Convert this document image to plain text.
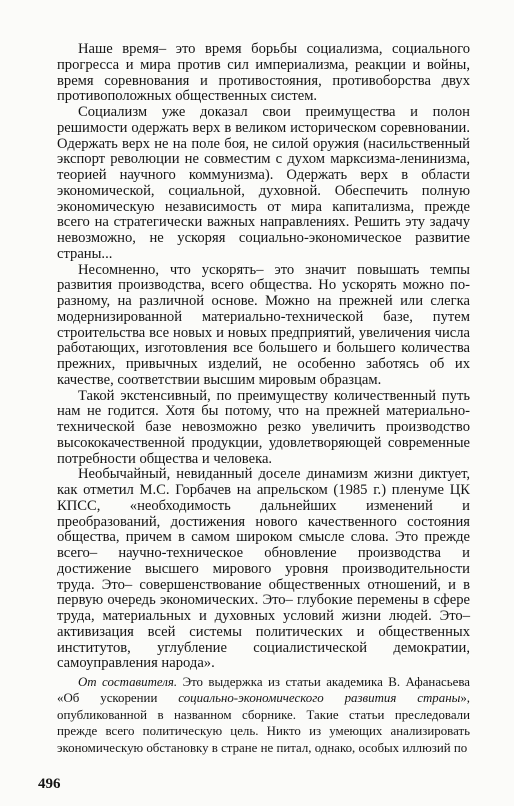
Наше время– это время борьбы социализма, социального прогресса и мира против сил империализма, реакции и войны, время соревнования и противостояния, противоборства двух противоположных общественных систем.

Социализм уже доказал свои преимущества и полон решимости одержать верх в великом историческом соревновании. Одержать верх не на поле боя, не силой оружия (насильственный экспорт революции не совместим с духом марксизма-ленинизма, теорией научного коммунизма). Одержать верх в области экономической, социальной, духовной. Обеспечить полную экономическую независимость от мира капитализма, прежде всего на стратегически важных направлениях. Решить эту задачу невозможно, не ускоряя социально-экономическое развитие страны...

Несомненно, что ускорять– это значит повышать темпы развития производства, всего общества. Но ускорять можно по-разному, на различной основе. Можно на прежней или слегка модернизированной материально-технической базе, путем строительства все новых и новых предприятий, увеличения числа работающих, изготовления все большего и большего количества прежних, привычных изделий, не особенно заботясь об их качестве, соответствии высшим мировым образцам.

Такой экстенсивный, по преимуществу количественный путь нам не годится. Хотя бы потому, что на прежней материально-технической базе невозможно резко увеличить производство высококачественной продукции, удовлетворяющей современные потребности общества и человека.

Необычайный, невиданный доселе динамизм жизни диктует, как отметил М.С. Горбачев на апрельском (1985 г.) пленуме ЦК КПСС, «необходимость дальнейших изменений и преобразований, достижения нового качественного состояния общества, причем в самом широком смысле слова. Это прежде всего– научно-техническое обновление производства и достижение высшего мирового уровня производительности труда. Это– совершенствование общественных отношений, и в первую очередь экономических. Это– глубокие перемены в сфере труда, материальных и духовных условий жизни людей. Это– активизация всей системы политических и общественных институтов, углубление социалистической демократии, самоуправления народа».

От составителя. Это выдержка из статьи академика В. Афанасьева «Об ускорении социально-экономического развития страны», опубликованной в названном сборнике. Такие статьи преследовали прежде всего политическую цель. Никто из умеющих анализировать экономическую обстановку в стране не питал, однако, особых иллюзий по

496
